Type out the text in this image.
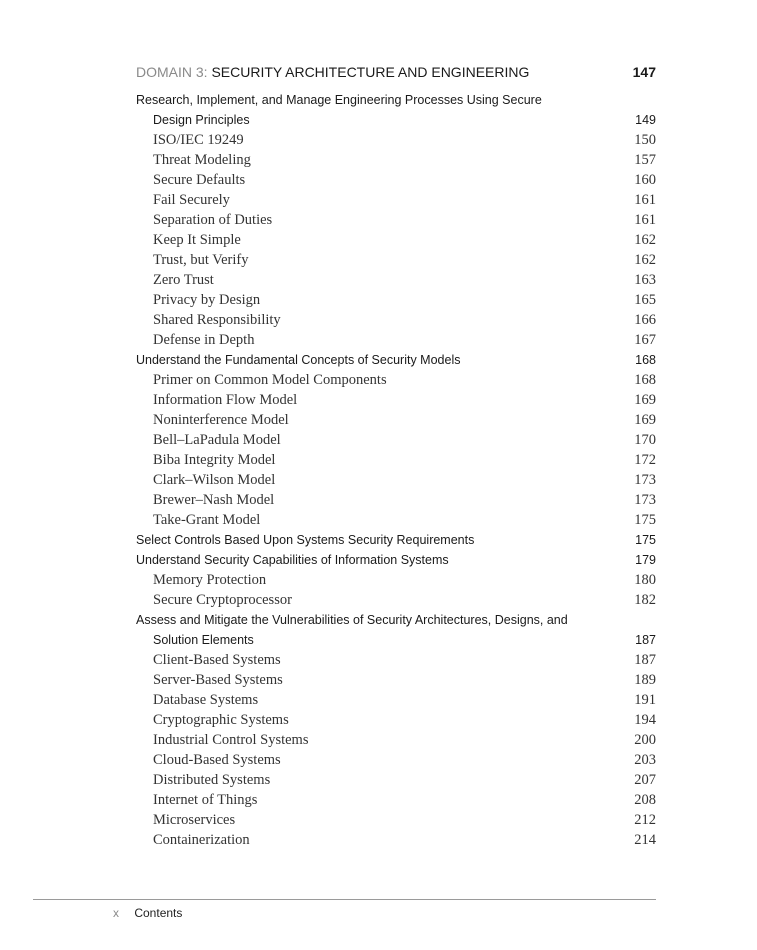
DOMAIN 3: SECURITY ARCHITECTURE AND ENGINEERING	147
Research, Implement, and Manage Engineering Processes Using Secure
Design Principles	149
ISO/IEC 19249	150
Threat Modeling	157
Secure Defaults	160
Fail Securely	161
Separation of Duties	161
Keep It Simple	162
Trust, but Verify	162
Zero Trust	163
Privacy by Design	165
Shared Responsibility	166
Defense in Depth	167
Understand the Fundamental Concepts of Security Models	168
Primer on Common Model Components	168
Information Flow Model	169
Noninterference Model	169
Bell–LaPadula Model	170
Biba Integrity Model	172
Clark–Wilson Model	173
Brewer–Nash Model	173
Take-Grant Model	175
Select Controls Based Upon Systems Security Requirements	175
Understand Security Capabilities of Information Systems	179
Memory Protection	180
Secure Cryptoprocessor	182
Assess and Mitigate the Vulnerabilities of Security Architectures, Designs, and
Solution Elements	187
Client-Based Systems	187
Server-Based Systems	189
Database Systems	191
Cryptographic Systems	194
Industrial Control Systems	200
Cloud-Based Systems	203
Distributed Systems	207
Internet of Things	208
Microservices	212
Containerization	214
x Contents
